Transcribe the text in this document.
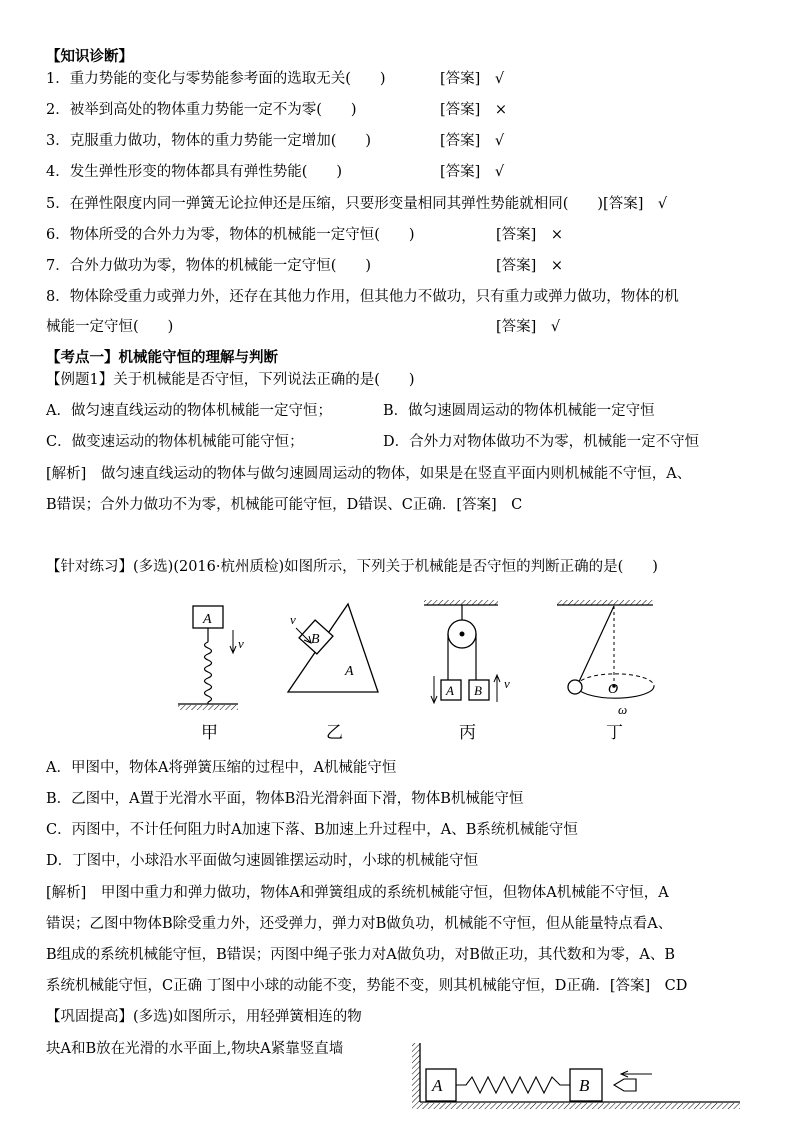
【知识诊断】
1．重力势能的变化与零势能参考面的选取无关(　　)	[答案]　√
2．被举到高处的物体重力势能一定不为零(　　)	[答案]　×
3．克服重力做功，物体的重力势能一定增加(　　)	[答案]　√
4．发生弹性形变的物体都具有弹性势能(　　)	[答案]　√
5．在弹性限度内同一弹簧无论拉伸还是压缩，只要形变量相同其弹性势能就相同(　　)[答案]　√
6．物体所受的合外力为零，物体的机械能一定守恒(　　)	[答案]　×
7．合外力做功为零，物体的机械能一定守恒(　　)	[答案]　×
8．物体除受重力或弹力外，还存在其他力作用，但其他力不做功，只有重力或弹力做功，物体的机
械能一定守恒(　　)	[答案]　√
【考点一】机械能守恒的理解与判断
【例题1】关于机械能是否守恒，下列说法正确的是(　　)
A．做匀速直线运动的物体机械能一定守恒；	B．做匀速圆周运动的物体机械能一定守恒
C．做变速运动的物体机械能可能守恒；	D．合外力对物体做功不为零，机械能一定不守恒
[解析]　做匀速直线运动的物体与做匀速圆周运动的物体，如果是在竖直平面内则机械能不守恒，A、
B错误；合外力做功不为零，机械能可能守恒，D错误、C正确．[答案]　C
【针对练习】(多选)(2016·杭州质检)如图所示，下列关于机械能是否守恒的判断正确的是(　　)
A
v
甲
B
A
v
乙
A B v
丙
O
ω
丁
A．甲图中，物体A将弹簧压缩的过程中，A机械能守恒
B．乙图中，A置于光滑水平面，物体B沿光滑斜面下滑，物体B机械能守恒
C．丙图中，不计任何阻力时A加速下落、B加速上升过程中，A、B系统机械能守恒
D．丁图中，小球沿水平面做匀速圆锥摆运动时，小球的机械能守恒
[解析]　甲图中重力和弹力做功，物体A和弹簧组成的系统机械能守恒，但物体A机械能不守恒，A
错误；乙图中物体B除受重力外，还受弹力，弹力对B做负功，机械能不守恒，但从能量特点看A、
B组成的系统机械能守恒，B错误；丙图中绳子张力对A做负功，对B做正功，其代数和为零，A、B
系统机械能守恒，C正确 丁图中小球的动能不变，势能不变，则其机械能守恒，D正确．[答案]　CD
【巩固提高】(多选)如图所示，用轻弹簧相连的物
块A和B放在光滑的水平面上,物块A紧靠竖直墙
A	B
